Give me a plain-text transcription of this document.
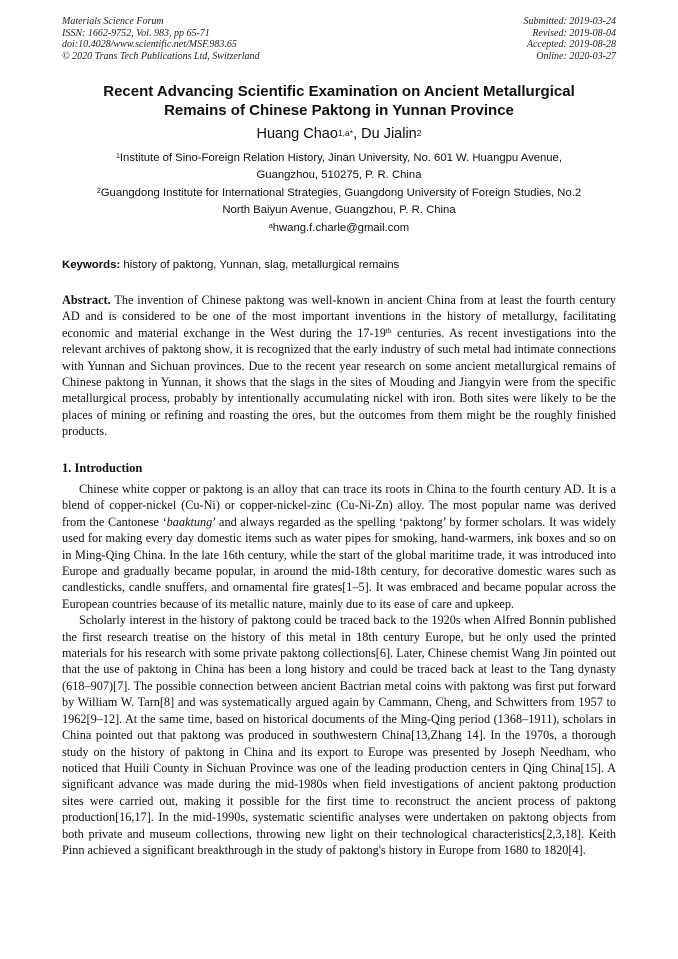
Materials Science Forum
ISSN: 1662-9752, Vol. 983, pp 65-71
doi:10.4028/www.scientific.net/MSF.983.65
© 2020 Trans Tech Publications Ltd, Switzerland
Submitted: 2019-03-24
Revised: 2019-08-04
Accepted: 2019-08-28
Online: 2020-03-27
Recent Advancing Scientific Examination on Ancient Metallurgical
Remains of Chinese Paktong in Yunnan Province
Huang Chao$^{1,a*}$, Du Jialin$^2$
$^1$Institute of Sino-Foreign Relation History, Jinan University, No. 601 W. Huangpu Avenue,
Guangzhou, 510275, P. R. China
$^2$Guangdong Institute for International Strategies, Guangdong University of Foreign Studies, No.2
North Baiyun Avenue, Guangzhou, P. R. China
$^a$hwang.f.charle@gmail.com
Keywords: history of paktong, Yunnan, slag, metallurgical remains

Abstract. The invention of Chinese paktong was well-known in ancient China from at least the fourth century AD and is considered to be one of the most important inventions in the history of metallurgy, facilitating economic and material exchange in the West during the 17-19th centuries. As recent investigations into the relevant archives of paktong show, it is recognized that the early industry of such metal had intimate connections with Yunnan and Sichuan provinces. Due to the recent year research on some ancient metallurgical remains of Chinese paktong in Yunnan, it shows that the slags in the sites of Mouding and Jiangyin were from the specific metallurgical process, probably by intentionally accumulating nickel with iron. Both sites were likely to be the places of mining or refining and roasting the ores, but the outcomes from them might be the roughly finished products.

1. Introduction

Chinese white copper or paktong is an alloy that can trace its roots in China to the fourth century AD. It is a blend of copper-nickel (Cu-Ni) or copper-nickel-zinc (Cu-Ni-Zn) alloy. The most popular name was derived from the Cantonese ‘baaktung’ and always regarded as the spelling ‘paktong’ by former scholars. It was widely used for making every day domestic items such as water pipes for smoking, hand-warmers, ink boxes and so on in Ming-Qing China. In the late 16th century, while the start of the global maritime trade, it was introduced into Europe and gradually became popular, in around the mid-18th century, for decorative domestic wares such as candlesticks, candle snuffers, and ornamental fire grates[1–5]. It was embraced and became popular across the European countries because of its metallic nature, mainly due to its ease of care and upkeep.

Scholarly interest in the history of paktong could be traced back to the 1920s when Alfred Bonnin published the first research treatise on the history of this metal in 18th century Europe, but he only used the printed materials for his research with some private paktong collections[6]. Later, Chinese chemist Wang Jin pointed out that the use of paktong in China has been a long history and could be traced back at least to the Tang dynasty (618–907)[7]. The possible connection between ancient Bactrian metal coins with paktong was first put forward by William W. Tarn[8] and was systematically argued again by Cammann, Cheng, and Schwitters from 1957 to 1962[9–12]. At the same time, based on historical documents of the Ming-Qing period (1368–1911), scholars in China pointed out that paktong was produced in southwestern China[13,Zhang 14]. In the 1970s, a thorough study on the history of paktong in China and its export to Europe was presented by Joseph Needham, who noticed that Huili County in Sichuan Province was one of the leading production centers in Qing China[15]. A significant advance was made during the mid-1980s when field investigations of ancient paktong production sites were carried out, making it possible for the first time to reconstruct the ancient process of paktong production[16,17]. In the mid-1990s, systematic scientific analyses were undertaken on paktong objects from both private and museum collections, throwing new light on their technological characteristics[2,3,18]. Keith Pinn achieved a significant breakthrough in the study of paktong's history in Europe from 1680 to 1820[4].
